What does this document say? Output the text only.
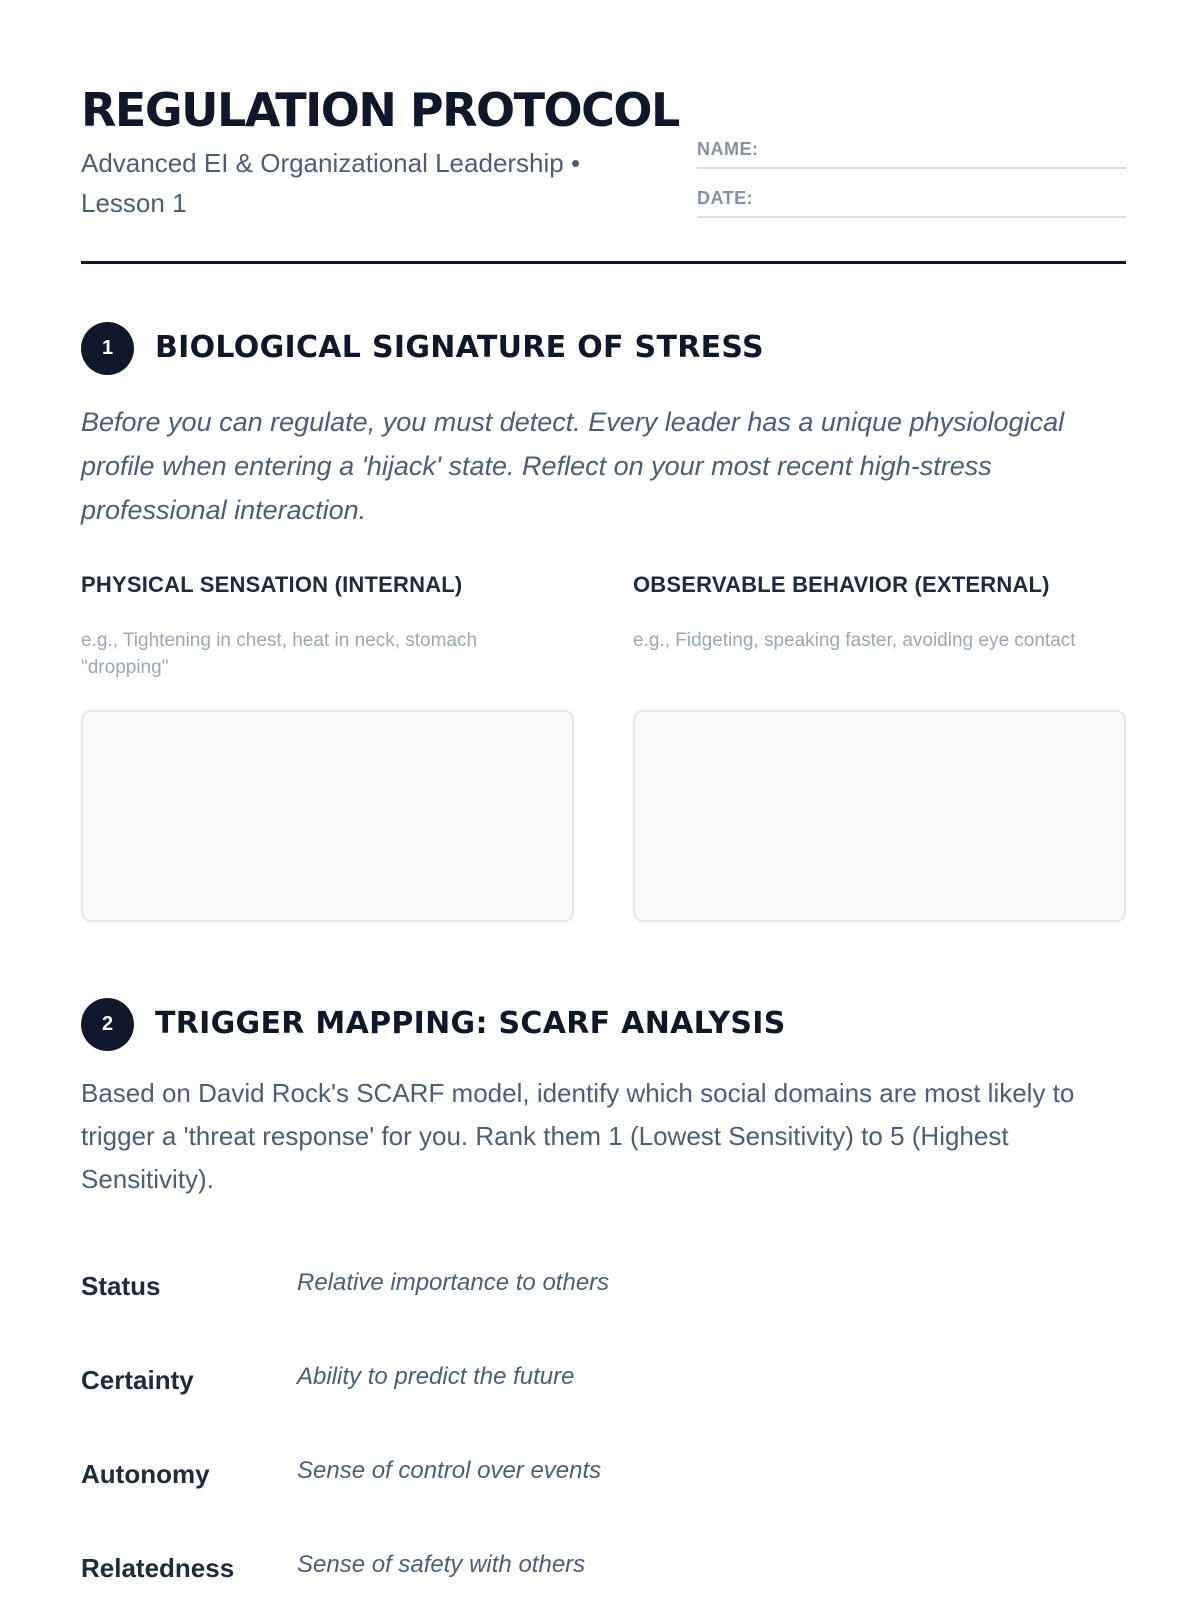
REGULATION PROTOCOL

Advanced EI & Organizational Leadership • Lesson 1

NAME:
DATE:
1	BIOLOGICAL SIGNATURE OF STRESS

Before you can regulate, you must detect. Every leader has a unique physiological profile when entering a 'hijack' state. Reflect on your most recent high-stress professional interaction.

PHYSICAL SENSATION (INTERNAL)

e.g., Tightening in chest, heat in neck, stomach "dropping"

OBSERVABLE BEHAVIOR (EXTERNAL)

e.g., Fidgeting, speaking faster, avoiding eye contact

2	TRIGGER MAPPING: SCARF ANALYSIS

Based on David Rock's SCARF model, identify which social domains are most likely to trigger a 'threat response' for you. Rank them 1 (Lowest Sensitivity) to 5 (Highest Sensitivity).

Status	Relative importance to others
Certainty	Ability to predict the future
Autonomy	Sense of control over events
Relatedness	Sense of safety with others
